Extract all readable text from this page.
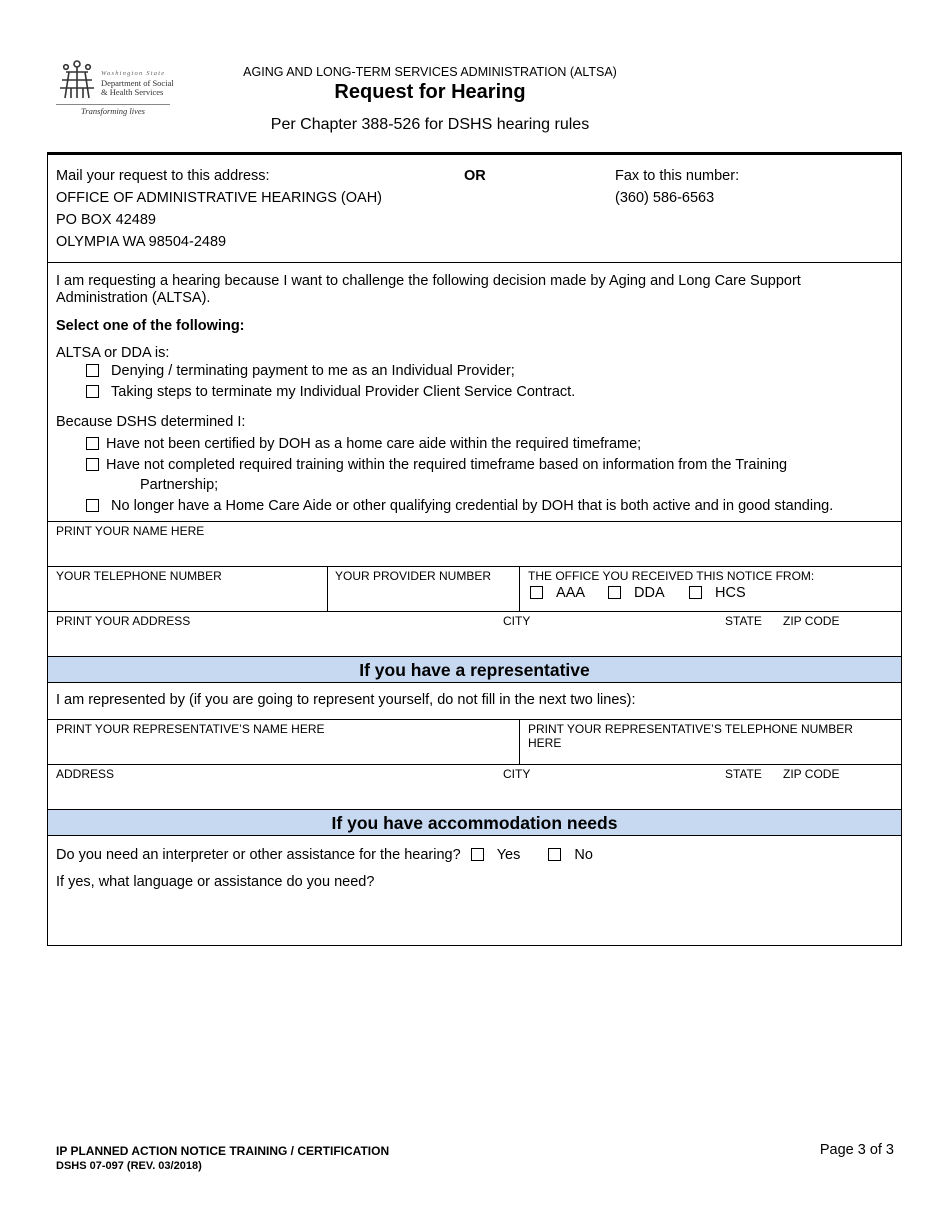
Washington State
Department of Social & Health Services
Transforming lives
AGING AND LONG-TERM SERVICES ADMINISTRATION (ALTSA)
Request for Hearing
Per Chapter 388-526 for DSHS hearing rules
Mail your request to this address:	OR	Fax to this number:
OFFICE OF ADMINISTRATIVE HEARINGS (OAH)
PO BOX 42489
OLYMPIA WA 98504-2489
(360) 586-6563
I am requesting a hearing because I want to challenge the following decision made by Aging and Long Care Support Administration (ALTSA).
Select one of the following:
ALTSA or DDA is:
Denying / terminating payment to me as an Individual Provider;
Taking steps to terminate my Individual Provider Client Service Contract.
Because DSHS determined I:
Have not been certified by DOH as a home care aide within the required timeframe;
Have not completed required training within the required timeframe based on information from the Training
Partnership;
No longer have a Home Care Aide or other qualifying credential by DOH that is both active and in good standing.
PRINT YOUR NAME HERE
YOUR TELEPHONE NUMBER	YOUR PROVIDER NUMBER	THE OFFICE YOU RECEIVED THIS NOTICE FROM:
AAA	DDA	HCS
PRINT YOUR ADDRESS	CITY	STATE ZIP CODE
If you have a representative
I am represented by (if you are going to represent yourself, do not fill in the next two lines):
PRINT YOUR REPRESENTATIVE’S NAME HERE	PRINT YOUR REPRESENTATIVE’S TELEPHONE NUMBER
HERE
ADDRESS	CITY	STATE ZIP CODE
If you have accommodation needs
Do you need an interpreter or other assistance for the hearing? Yes	No
If yes, what language or assistance do you need?
IP PLANNED ACTION NOTICE TRAINING / CERTIFICATION
DSHS 07-097 (REV. 03/2018)
Page 3 of 3
